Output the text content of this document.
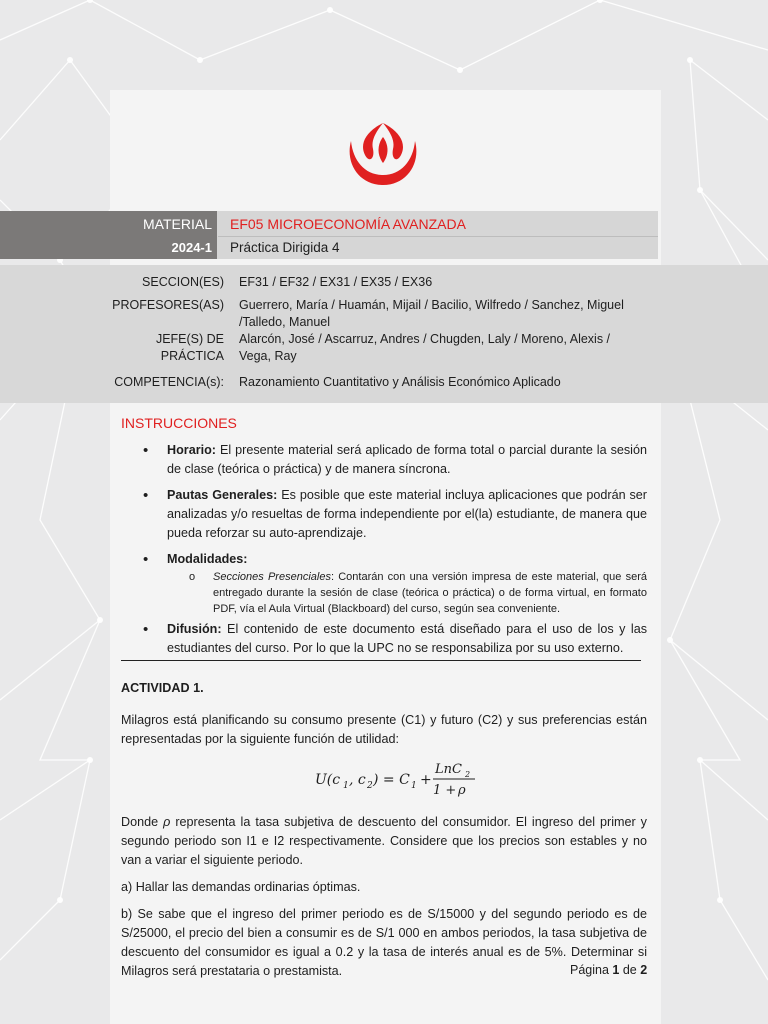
MATERIAL
2024-1
EF05 MICROECONOMÍA AVANZADA
Práctica Dirigida 4
SECCION(ES) EF31 / EF32 / EX31 / EX35 / EX36
PROFESORES(AS) Guerrero, María / Huamán, Mijail / Bacilio, Wilfredo / Sanchez, Miguel
/Talledo, Manuel
JEFE(S) DE
PRÁCTICA
Alarcón, José / Ascarruz, Andres / Chugden, Laly / Moreno, Alexis /
Vega, Ray
COMPETENCIA(s): Razonamiento Cuantitativo y Análisis Económico Aplicado
INSTRUCCIONES
• Horario: El presente material será aplicado de forma total o parcial durante la sesión de clase (teórica o práctica) y de manera síncrona.
• Pautas Generales: Es posible que este material incluya aplicaciones que podrán ser analizadas y/o resueltas de forma independiente por el(la) estudiante, de manera que pueda reforzar su auto-aprendizaje.
• Modalidades:
o Secciones Presenciales: Contarán con una versión impresa de este material, que será entregado durante la sesión de clase (teórica o práctica) o de forma virtual, en formato PDF, vía el Aula Virtual (Blackboard) del curso, según sea conveniente.
• Difusión: El contenido de este documento está diseñado para el uso de los y las estudiantes del curso. Por lo que la UPC no se responsabiliza por su uso externo.
ACTIVIDAD 1.

Milagros está planificando su consumo presente (C1) y futuro (C2) y sus preferencias están representadas por la siguiente función de utilidad:

U(c 1 , c 2 ) = C 1 +
LnC 2
1 + ρ

Donde ρ representa la tasa subjetiva de descuento del consumidor. El ingreso del primer y segundo periodo son I1 e I2 respectivamente. Considere que los precios son estables y no van a variar el siguiente periodo.

a) Hallar las demandas ordinarias óptimas.

b) Se sabe que el ingreso del primer periodo es de S/15000 y del segundo periodo es de S/25000, el precio del bien a consumir es de S/1 000 en ambos periodos, la tasa subjetiva de descuento del consumidor es igual a 0.2 y la tasa de interés anual es de 5%. Determinar si Milagros será prestataria o prestamista.	Página 1 de 2
